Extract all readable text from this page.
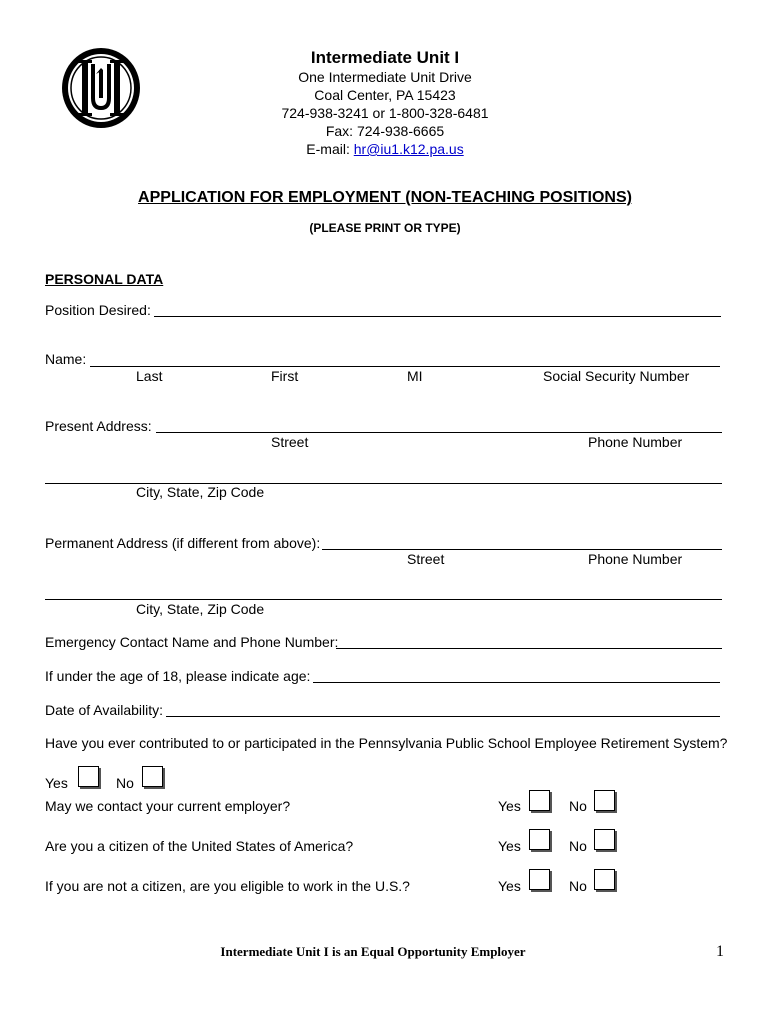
Intermediate Unit I
One Intermediate Unit Drive
Coal Center, PA 15423
724-938-3241 or 1-800-328-6481
Fax: 724-938-6665
E-mail: hr@iu1.k12.pa.us
APPLICATION FOR EMPLOYMENT (NON-TEACHING POSITIONS)
(PLEASE PRINT OR TYPE)
PERSONAL DATA
Position Desired:
Name:
Last	First	MI	Social Security Number
Present Address:
Street	Phone Number
City, State, Zip Code
Permanent Address (if different from above):
Street	Phone Number
City, State, Zip Code
Emergency Contact Name and Phone Number:
If under the age of 18, please indicate age:
Date of Availability:
Have you ever contributed to or participated in the Pennsylvania Public School Employee Retirement System?
Yes	No
May we contact your current employer?	Yes	No
Are you a citizen of the United States of America?	Yes	No
If you are not a citizen, are you eligible to work in the U.S.?	Yes	No
Intermediate Unit I is an Equal Opportunity Employer	1
